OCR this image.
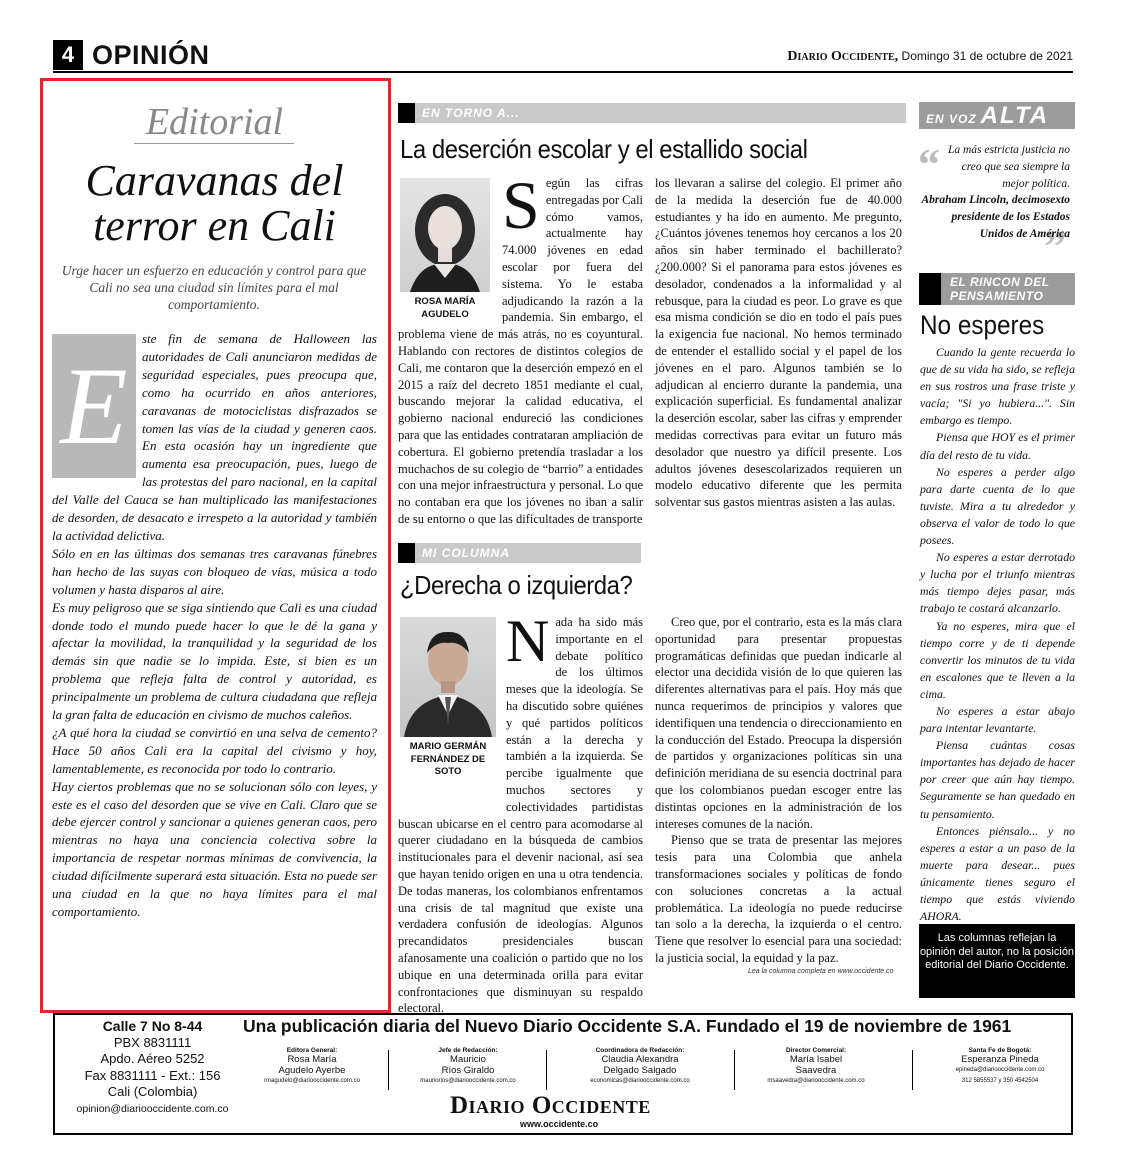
4 OPINIÓN	Diario Occidente, Domingo 31 de octubre de 2021
Editorial
Caravanas del terror en Cali
Urge hacer un esfuerzo en educación y control para que Cali no sea una ciudad sin límites para el mal comportamiento.
E

ste fin de semana de Halloween las autoridades de Cali anunciaron medidas de seguridad especiales, pues preocupa que, como ha ocurrido en años anteriores, caravanas de motociclistas disfrazados se tomen las vías de la ciudad y generen caos. En esta ocasión hay un ingrediente que aumenta esa preocupación, pues, luego de las protestas del paro nacional, en la capital del Valle del Cauca se han multiplicado las manifestaciones de desorden, de desacato e irrespeto a la autoridad y también la actividad delictiva.

Sólo en en las últimas dos semanas tres caravanas fúnebres han hecho de las suyas con bloqueo de vías, música a todo volumen y hasta disparos al aire.

Es muy peligroso que se siga sintiendo que Cali es una ciudad donde todo el mundo puede hacer lo que le dé la gana y afectar la movilidad, la tranquilidad y la seguridad de los demás sin que nadie se lo impida. Este, si bien es un problema que refleja falta de control y autoridad, es principalmente un problema de cultura ciudadana que refleja la gran falta de educación en civismo de muchos caleños.

¿A qué hora la ciudad se convirtió en una selva de cemento? Hace 50 años Cali era la capital del civismo y hoy, lamentablemente, es reconocida por todo lo contrario.

Hay ciertos problemas que no se solucionan sólo con leyes, y este es el caso del desorden que se vive en Cali. Claro que se debe ejercer control y sancionar a quienes generan caos, pero mientras no haya una conciencia colectiva sobre la importancia de respetar normas mínimas de convivencia, la ciudad difícilmente superará esta situación. Esta no puede ser una ciudad en la que no haya límites para el mal comportamiento.

EN TORNO A...
La deserción escolar y el estallido social
S egún las cifras entregadas por Cali cómo vamos, actualmente hay 74.000 jóvenes en edad escolar por fuera del sistema. Yo le estaba adjudicando la razón a la pandemia. Sin embargo, el problema viene de más atrás, no es coyuntural. Hablando con rectores de distintos colegios de Cali, me contaron que la deserción empezó en el 2015 a raíz del decreto 1851 mediante el cual, buscando mejorar la calidad educativa, el gobierno nacional endureció las condiciones para que las entidades contrataran ampliación de cobertura. El gobierno pretendía trasladar a los muchachos de su colegio de “barrio” a entidades con una mejor infraestructura y personal. Lo que no contaban era que los jóvenes no iban a salir de su entorno o que las dificultades de transporte
los llevaran a salirse del colegio. El primer año de la medida la deserción fue de 40.000 estudiantes y ha ido en aumento. Me pregunto, ¿Cuántos jóvenes tenemos hoy cercanos a los 20 años sin haber terminado el bachillerato? ¿200.000? Si el panorama para estos jóvenes es desolador, condenados a la informalidad y al rebusque, para la ciudad es peor. Lo grave es que esa misma condición se dio en todo el país pues la exigencia fue nacional. No hemos terminado de entender el estallido social y el papel de los jóvenes en el paro. Algunos también se lo adjudican al encierro durante la pandemia, una explicación superficial. Es fundamental analizar la deserción escolar, saber las cifras y emprender medidas correctivas para evitar un futuro más desolador que nuestro ya difícil presente. Los adultos jóvenes desescolarizados requieren un modelo educativo diferente que les permita solventar sus gastos mientras asisten a las aulas.
ROSA MARÍA AGUDELO
MI COLUMNA
¿Derecha o izquierda?
N ada ha sido más importante en el debate político de los últimos meses que la ideología. Se ha discutido sobre quiénes y qué partidos políticos están a la derecha y también a la izquierda. Se percibe igualmente que muchos sectores y colectividades partidistas buscan ubicarse en el centro para acomodarse al querer ciudadano en la búsqueda de cambios institucionales para el devenir nacional, así sea que hayan tenido origen en una u otra tendencia. De todas maneras, los colombianos enfrentamos una crisis de tal magnitud que existe una verdadera confusión de ideologías. Algunos precandidatos presidenciales buscan afanosamente una coalición o partido que no los ubique en una determinada orilla para evitar confrontaciones que disminuyan su respaldo electoral.

Creo que, por el contrario, esta es la más clara oportunidad para presentar propuestas programáticas definidas que puedan indicarle al elector una decidida visión de lo que quieren las diferentes alternativas para el país. Hoy más que nunca requerimos de principios y valores que identifiquen una tendencia o direccionamiento en la conducción del Estado. Preocupa la dispersión de partidos y organizaciones políticas sin una definición meridiana de su esencia doctrinal para que los colombianos puedan escoger entre las distintas opciones en la administración de los intereses comunes de la nación.

Pienso que se trata de presentar las mejores tesis para una Colombia que anhela transformaciones sociales y políticas de fondo con soluciones concretas a la actual problemática. La ideología no puede reducirse tan solo a la derecha, la izquierda o el centro. Tiene que resolver lo esencial para una sociedad: la justicia social, la equidad y la paz.

MARIO GERMÁN FERNÁNDEZ DE SOTO
Lea la columna completa en www.occidente.co
EN VOZ ALTA
“
”
La más estricta justicia no creo que sea siempre la mejor política.
Abraham Lincoln, decimosexto presidente de los Estados Unidos de América
EL RINCON DEL PENSAMIENTO
No esperes

Cuando la gente recuerda lo que de su vida ha sido, se refleja en sus rostros una frase triste y vacía; "Si yo hubiera...". Sin embargo es tiempo.

Piensa que HOY es el primer día del resto de tu vida.

No esperes a perder algo para darte cuenta de lo que tuviste. Mira a tu alrededor y observa el valor de todo lo que posees.

No esperes a estar derrotado y lucha por el triunfo mientras más tiempo dejes pasar, más trabajo te costará alcanzarlo.

Ya no esperes, mira que el tiempo corre y de ti depende convertir los minutos de tu vida en escalones que te lleven a la cima.

No esperes a estar abajo para intentar levantarte.

Piensa cuántas cosas importantes has dejado de hacer por creer que aún hay tiempo. Seguramente se han quedado en tu pensamiento.

Entonces piénsalo... y no esperes a estar a un paso de la muerte para desear... pues únicamente tienes seguro el tiempo que estás viviendo AHORA.

Las columnas reflejan la opinión del autor, no la posición editorial del Diario Occidente.
Calle 7 No 8-44
PBX 8831111
Apdo. Aéreo 5252
Fax 8831111 - Ext.: 156
Cali (Colombia)
opinion@diariooccidente.com.co
Una publicación diaria del Nuevo Diario Occidente S.A. Fundado el 19 de noviembre de 1961
Editora General:
Rosa María
Agudelo Ayerbe
rmagudelo@diariooccidente.com.co
Jefe de Redacción:
Mauricio
Ríos Giraldo
mauriorios@diariooccidente.com.co
Coordinadora de Redacción:
Claudia Alexandra
Delgado Salgado
economicas@diariooccidente.com.co
Director Comercial:
María Isabel
Saavedra
msaavedra@diariooccidente.com.co
Santa Fe de Bogotá:
Esperanza Pineda
epineda@diariooccidente.com.co
312 5855537 y 350 4542504
Diario Occidente
www.occidente.co
